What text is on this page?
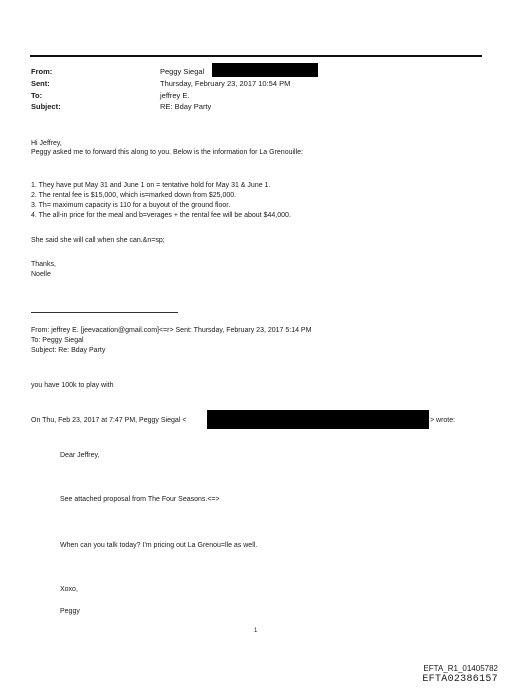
From:
Sent:
To:
Subject:
Peggy Siegal
Thursday, February 23, 2017 10:54 PM
jeffrey E.
RE: Bday Party
Hi Jeffrey,
Peggy asked me to forward this along to you. Below is the information for La Grenouille:
1. They have put May 31 and June 1 on = tentative hold for May 31 & June 1.
2. The rental fee is $15,000, which is=marked down from $25,000.
3. Th= maximum capacity is 110 for a buyout of the ground floor.
4. The all-in price for the meal and b=verages + the rental fee will be about $44,000.
She said she will call when she can.&n=sp;
Thanks,
Noelle
From: jeffrey E. [jeevacation@gmail.com]<=r> Sent: Thursday, February 23, 2017 5:14 PM
To: Peggy Siegal
Subject: Re: Bday Party
you have 100k to play with
On Thu, Feb 23, 2017 at 7:47 PM, Peggy Siegal <	> wrote:
Dear Jeffrey,
See attached proposal from The Four Seasons.<=>
When can you talk today? I'm pricing out La Grenou=lle as well.
Xoxo,
Peggy
1
EFTA_R1_01405782
EFTA02386157
